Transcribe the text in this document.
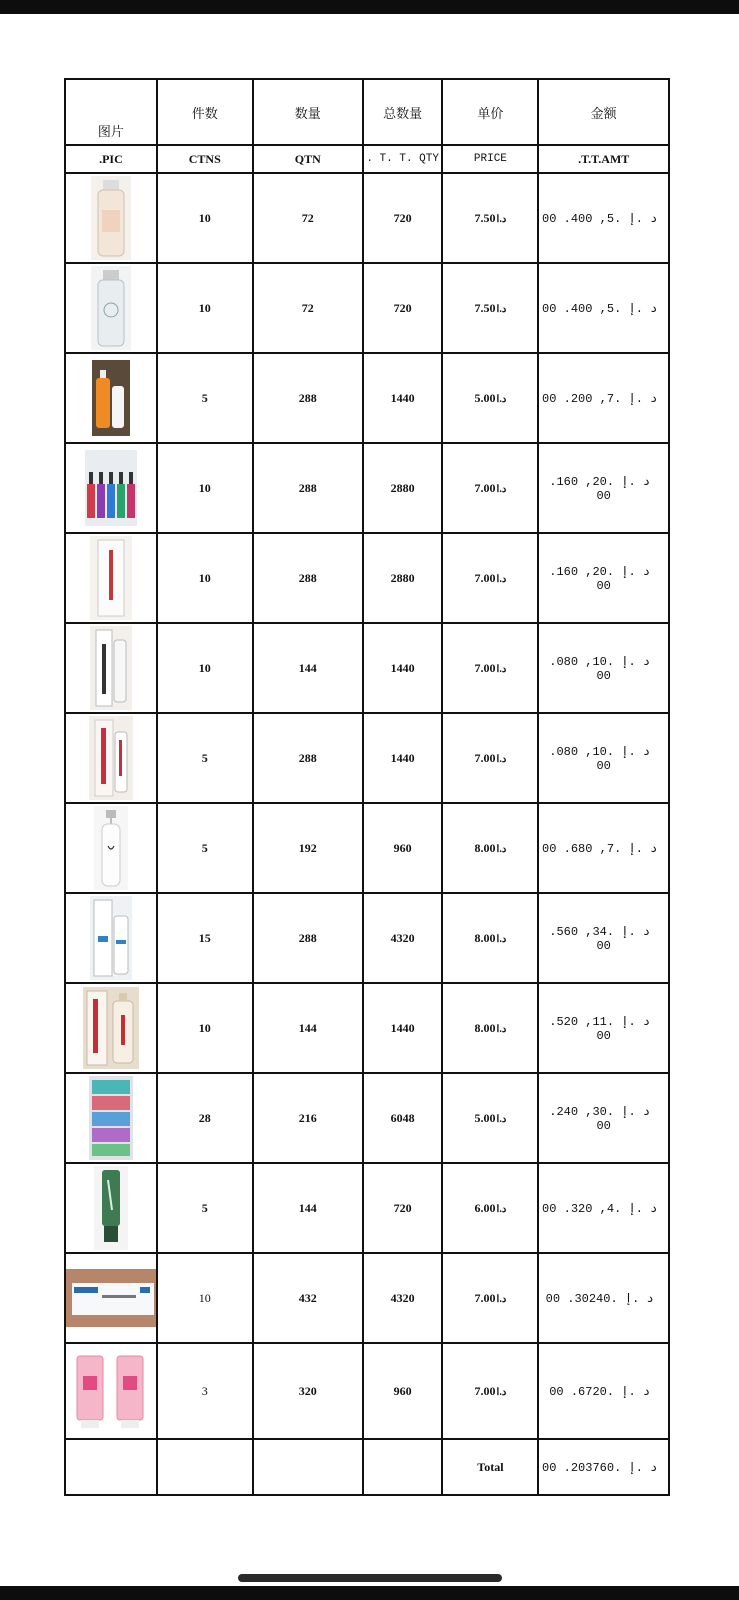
图片	件数	数量	总数量	单价	金额
.PIC	CTNS	QTN	. T. T. QTY	PRICE	.T.T.AMT

	10	72	720	7.50د.ا	د .إ .5, 400. 00

	10	72	720	7.50د.ا	د .إ .5, 400. 00

	5	288	1440	5.00د.ا	د .إ .7, 200. 00

	10	288	2880	7.00د.ا	د .إ .20, 160. 00

	10	288	2880	7.00د.ا	د .إ .20, 160. 00

	10	144	1440	7.00د.ا	د .إ .10, 080. 00

	5	288	1440	7.00د.ا	د .إ .10, 080. 00

	5	192	960	8.00د.ا	د .إ .7, 680. 00

	15	288	4320	8.00د.ا	د .إ .34, 560. 00

	10	144	1440	8.00د.ا	د .إ .11, 520. 00

	28	216	6048	5.00د.ا	د .إ .30, 240. 00

	5	144	720	6.00د.ا	د .إ .4, 320. 00

	10	432	4320	7.00د.ا	د .إ .30240. 00

	3	320	960	7.00د.ا	د .إ .6720. 00
				Total	د .إ .203760. 00
